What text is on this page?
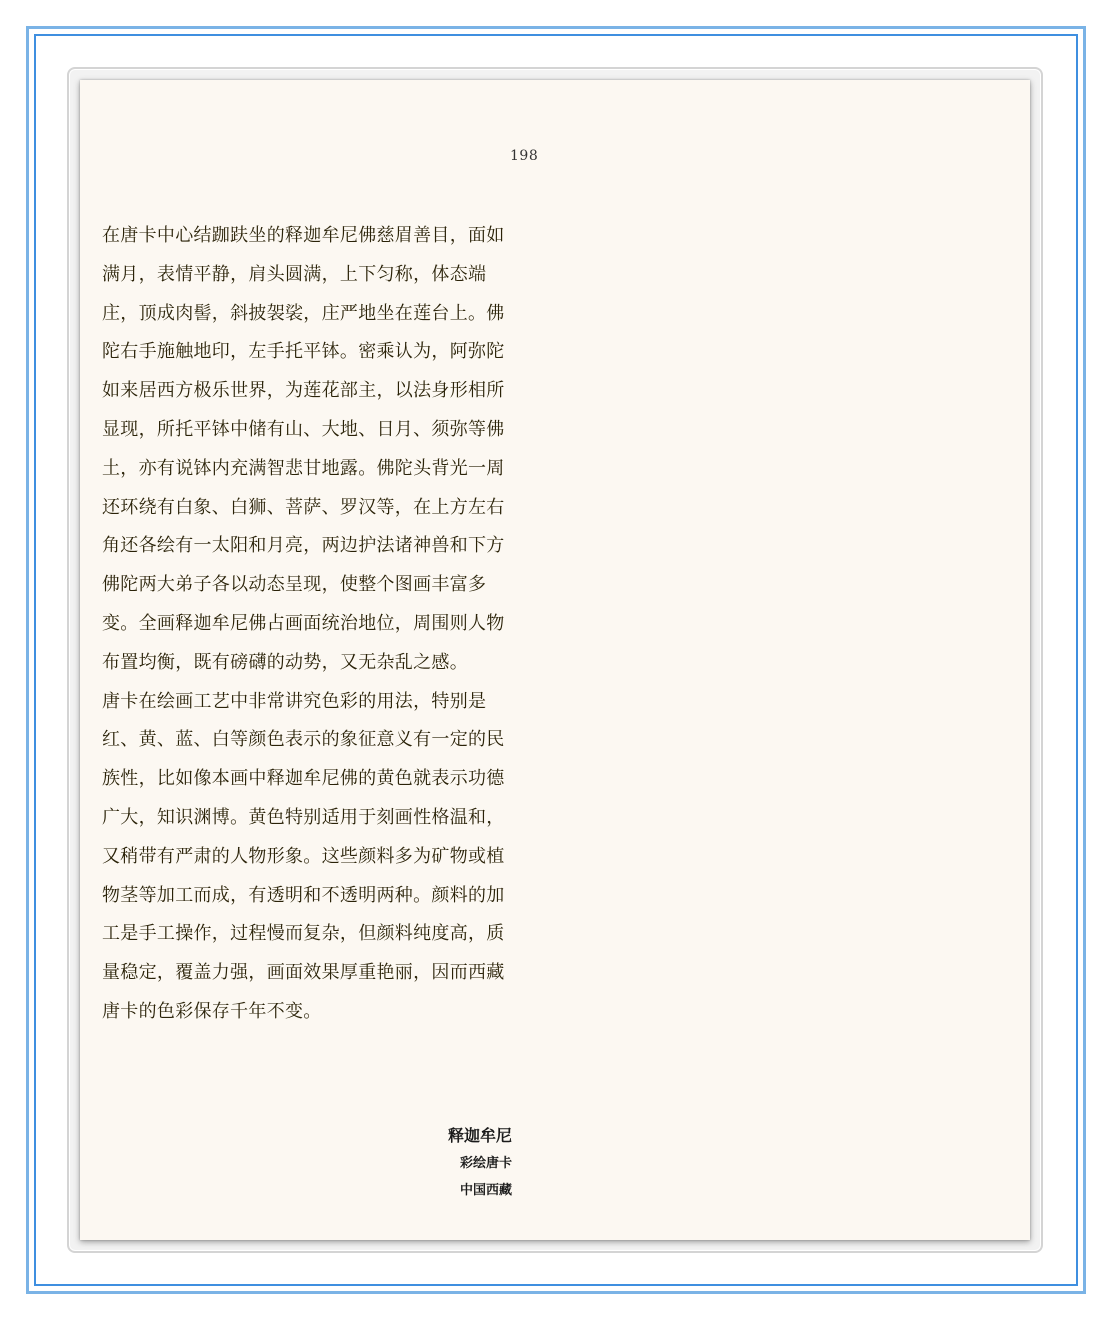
198

在唐卡中心结跏趺坐的释迦牟尼佛慈眉善目，面如满月，表情平静，肩头圆满，上下匀称，体态端庄，顶成肉髻，斜披袈裟，庄严地坐在莲台上。佛陀右手施触地印，左手托平钵。密乘认为，阿弥陀如来居西方极乐世界，为莲花部主，以法身形相所显现，所托平钵中储有山、大地、日月、须弥等佛土，亦有说钵内充满智悲甘地露。佛陀头背光一周还环绕有白象、白狮、菩萨、罗汉等，在上方左右角还各绘有一太阳和月亮，两边护法诸神兽和下方佛陀两大弟子各以动态呈现，使整个图画丰富多变。全画释迦牟尼佛占画面统治地位，周围则人物布置均衡，既有磅礴的动势，又无杂乱之感。

唐卡在绘画工艺中非常讲究色彩的用法，特别是红、黄、蓝、白等颜色表示的象征意义有一定的民族性，比如像本画中释迦牟尼佛的黄色就表示功德广大，知识渊博。黄色特别适用于刻画性格温和，又稍带有严肃的人物形象。这些颜料多为矿物或植物茎等加工而成，有透明和不透明两种。颜料的加工是手工操作，过程慢而复杂，但颜料纯度高，质量稳定，覆盖力强，画面效果厚重艳丽，因而西藏唐卡的色彩保存千年不变。

释迦牟尼
彩绘唐卡
中国西藏
